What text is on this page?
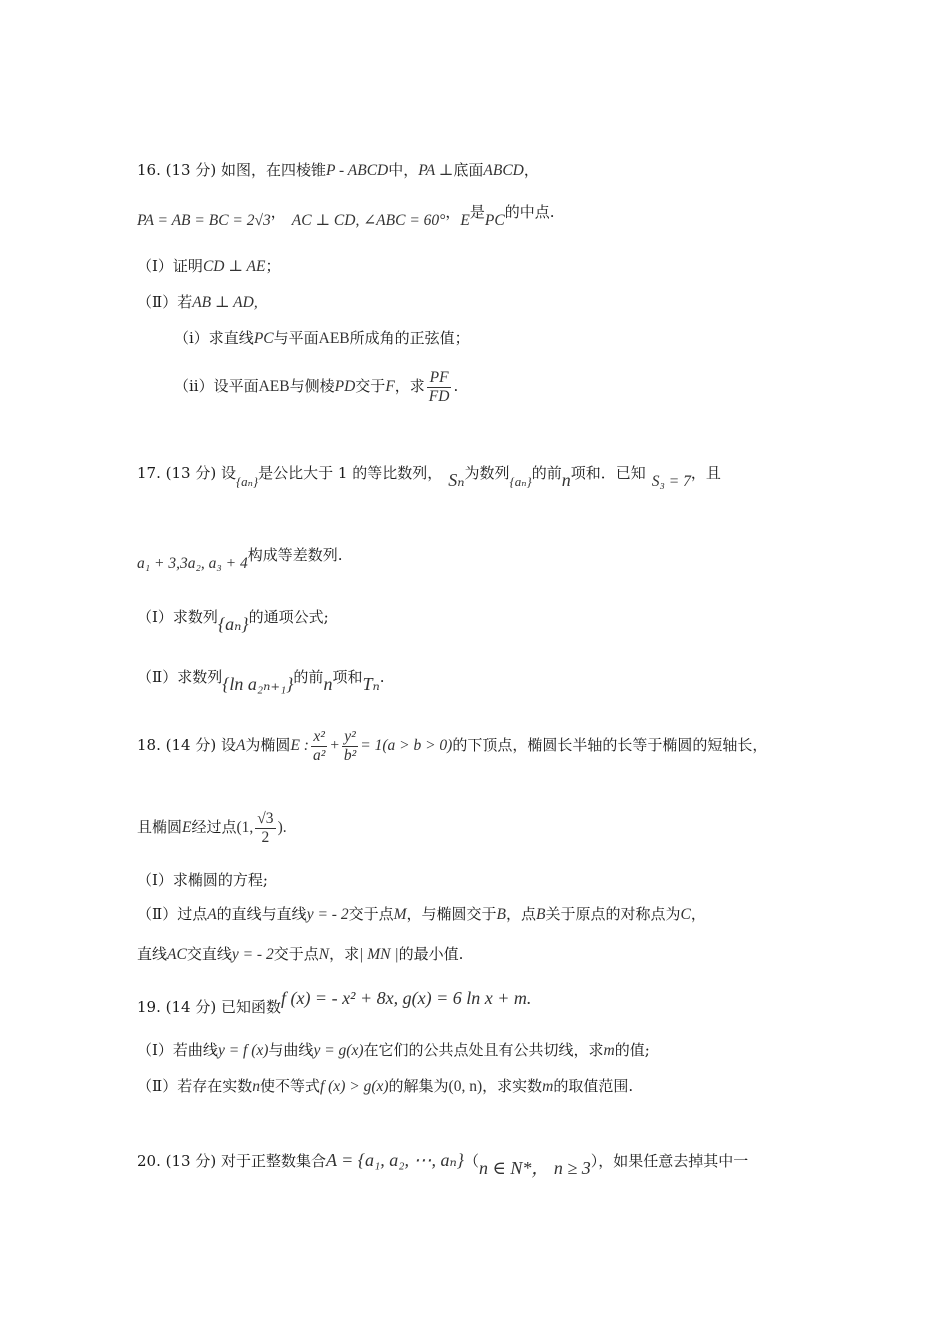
16. (13 分) 如图，在四棱锥P - ABCD中，PA ⊥底面ABCD，
PA = AB = BC = 2√3， AC ⊥ CD, ∠ABC = 60°，E是PC的中点.
（Ⅰ）证明CD ⊥ AE；
（Ⅱ）若AB ⊥ AD,
（i）求直线PC与平面AEB所成角的正弦值；
（ii）设平面AEB与侧棱PD交于F，求 $\frac{PF}{FD}$ .
17. (13 分) 设{aₙ}是公比大于 1 的等比数列， Sₙ为数列{aₙ}的前n项和．已知 S₃ = 7，且
a₁ + 3,3a₂, a₃ + 4构成等差数列.
（Ⅰ）求数列{aₙ}的通项公式;
（Ⅱ）求数列{ln a₂ₙ₊₁}的前n项和Tₙ.
18. (14 分) 设A为椭圆E : $\frac{\text{x²}}{\text{a²}} + \frac{\text{y²}}{\text{b²}} = 1(a > b > 0)$的下顶点，椭圆长半轴的长等于椭圆的短轴长，
且椭圆E经过点(1, $\frac{√3}{2}$ ).
（Ⅰ）求椭圆的方程;
（Ⅱ）过点A的直线与直线y = - 2交于点M，与椭圆交于B，点B关于原点的对称点为C，
直线AC交直线y = - 2交于点N，求| MN |的最小值.
19. (14 分) 已知函数f (x) = - x² + 8x, g(x) = 6 ln x + m.
（Ⅰ）若曲线y = f (x)与曲线y = g(x)在它们的公共点处且有公共切线，求m的值;
（Ⅱ）若存在实数n使不等式f (x) > g(x)的解集为(0, n)，求实数m的取值范围.
20. (13 分) 对于正整数集合A = {a₁, a₂, ⋯, aₙ}（n ∈ N*， n ≥ 3），如果任意去掉其中一
